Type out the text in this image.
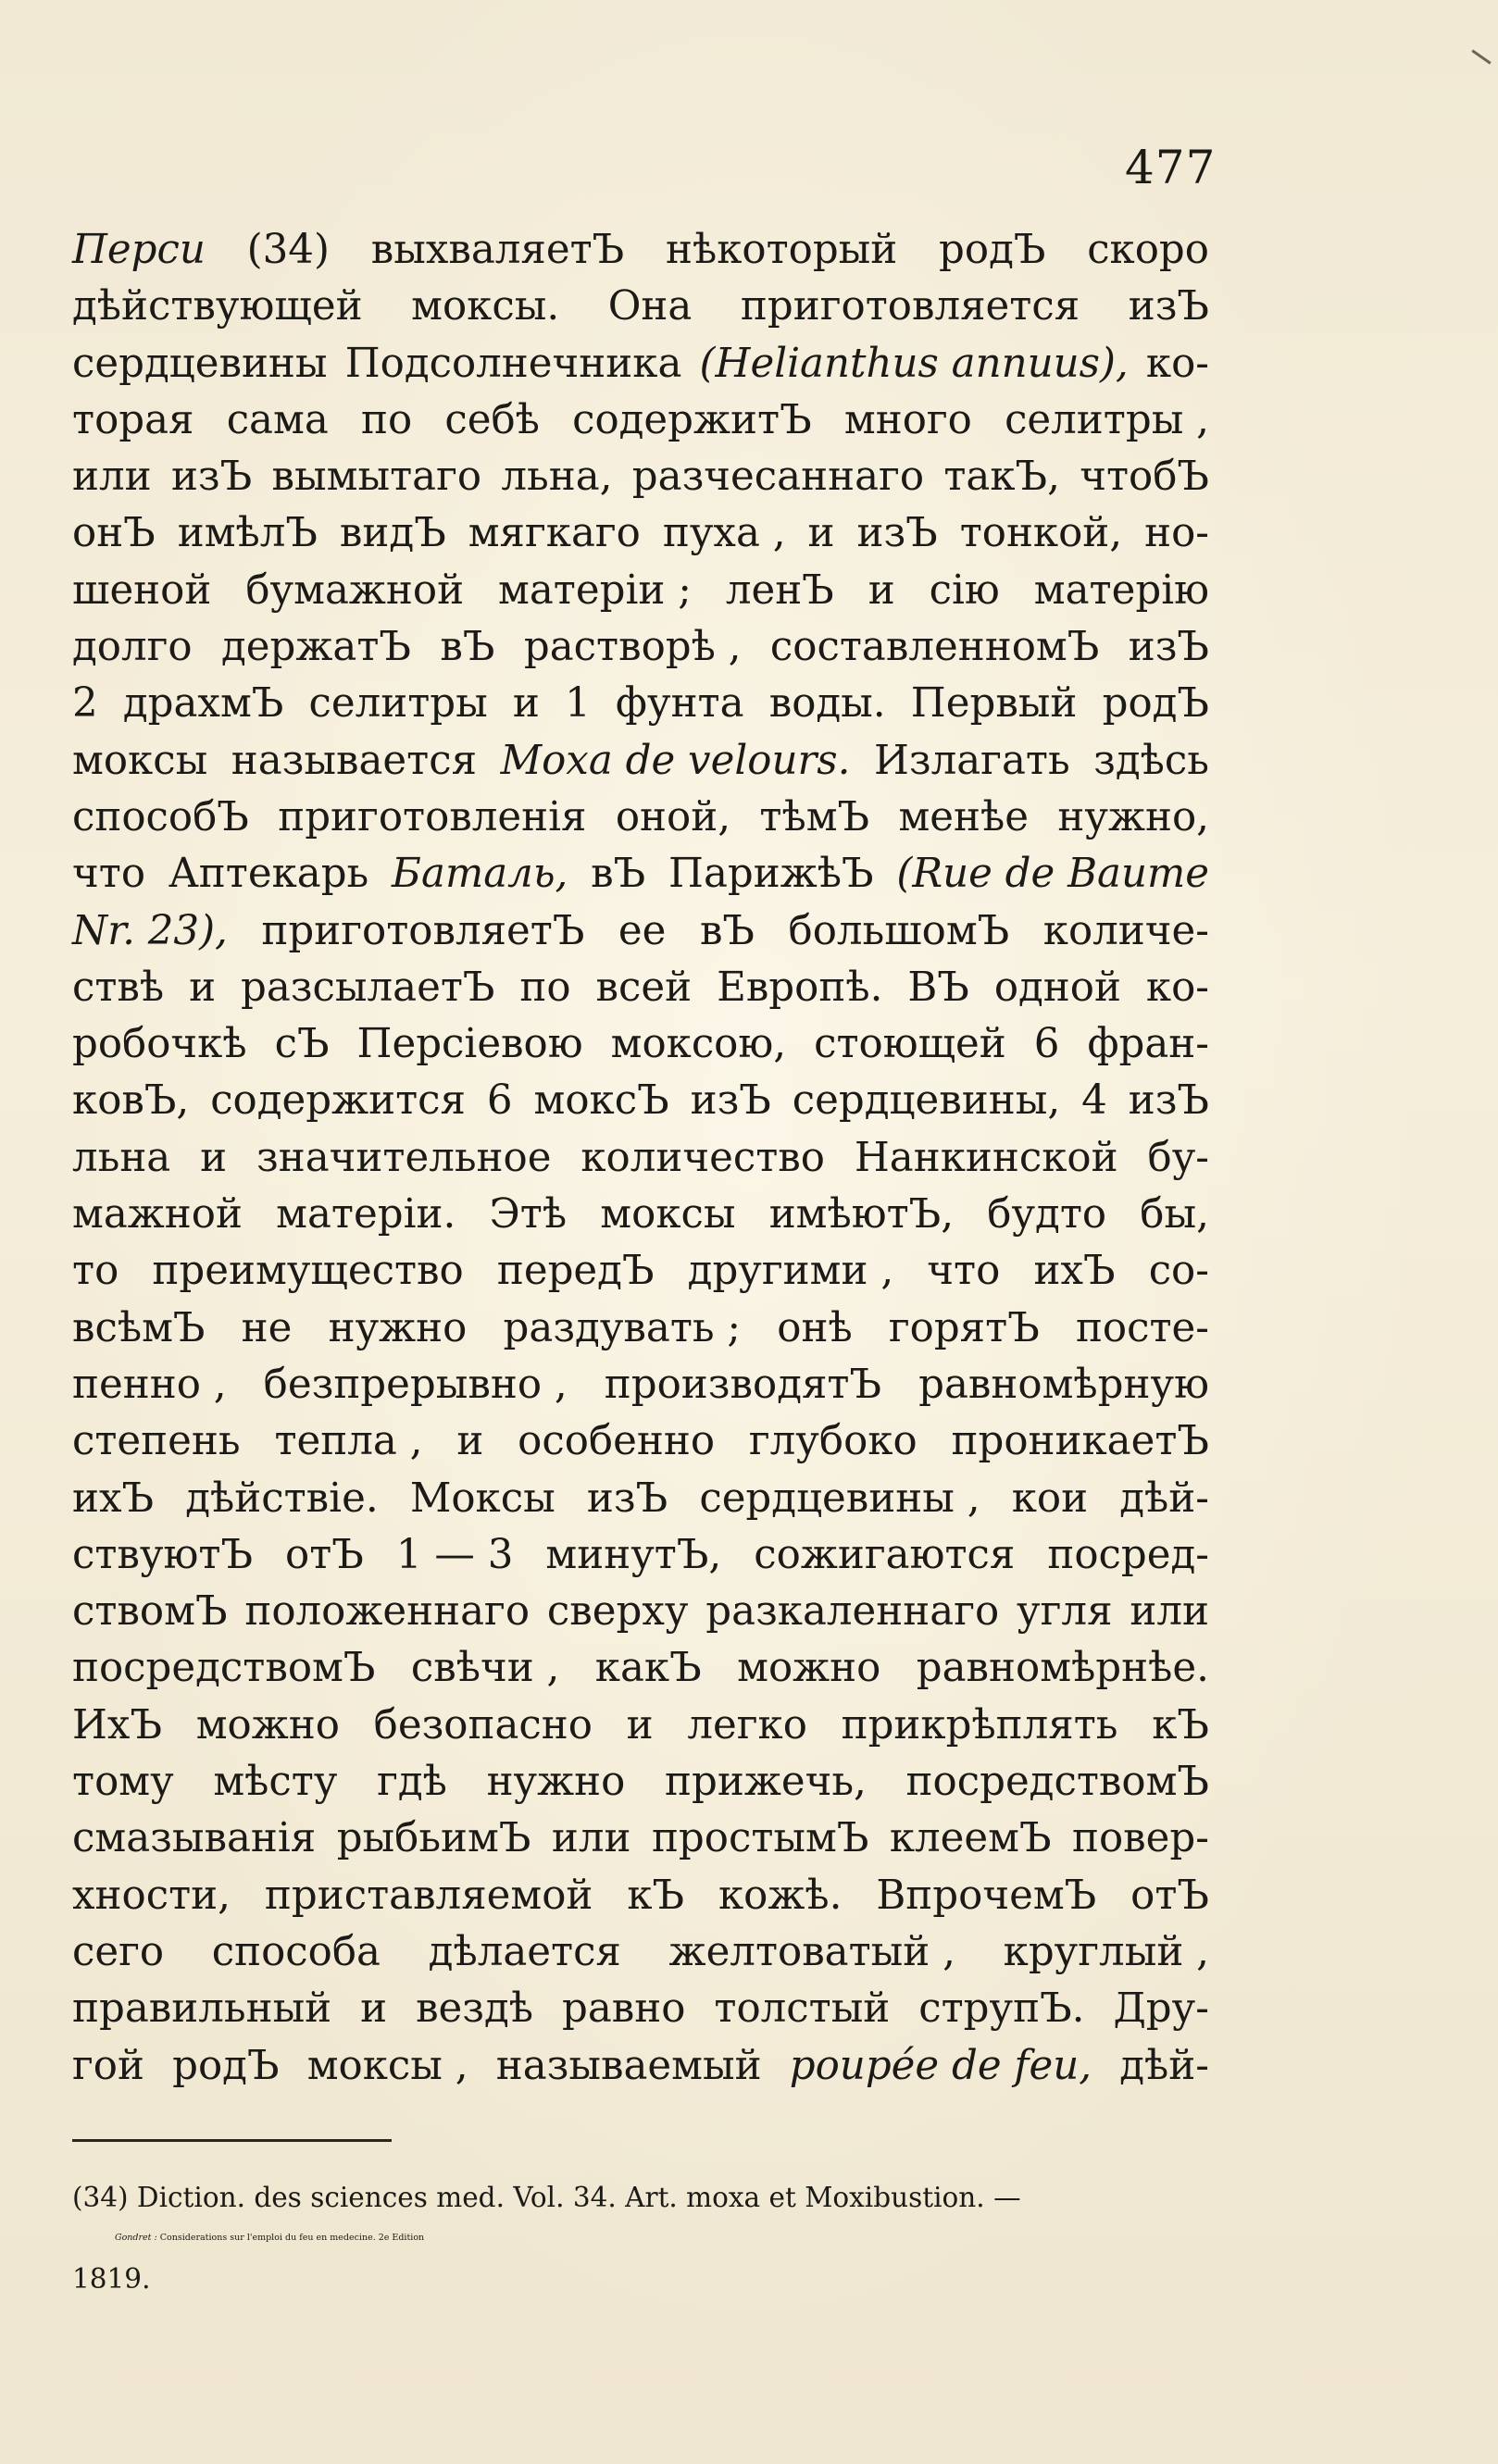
477
Перси (34) выхваляетЪ нѣкоторый родЪ скоро
дѣйствующей моксы. Она приготовляется изЪ
сердцевины Подсолнечника (Helianthus annuus), ко-
торая сама по себѣ содержитЪ много селитры ,
или изЪ вымытаго льна, разчесаннаго такЪ, чтобЪ
онЪ имѣлЪ видЪ мягкаго пуха , и изЪ тонкой, но-
шеной бумажной матеріи ; ленЪ и сію матерію
долго держатЪ вЪ растворѣ , составленномЪ изЪ
2 драхмЪ селитры и 1 фунта воды. Первый родЪ
моксы называется Moxa de velours. Излагать здѣсь
способЪ приготовленія оной, тѣмЪ менѣе нужно,
что Аптекарь Баталь, вЪ ПарижѣЪ (Rue de Baume
Nr. 23), приготовляетЪ ее вЪ большомЪ количе-
ствѣ и разсылаетЪ по всей Европѣ. ВЪ одной ко-
робочкѣ сЪ Персіевою моксою, стоющей 6 фран-
ковЪ, содержится 6 моксЪ изЪ сердцевины, 4 изЪ
льна и значительное количество Нанкинской бу-
мажной матеріи. Этѣ моксы имѣютЪ, будто бы,
то преимущество передЪ другими , что ихЪ со-
всѣмЪ не нужно раздувать ; онѣ горятЪ посте-
пенно , безпрерывно , производятЪ равномѣрную
степень тепла , и особенно глубоко проникаетЪ
ихЪ дѣйствіе. Моксы изЪ сердцевины , кои дѣй-
ствуютЪ отЪ 1 — 3 минутЪ, сожигаются посред-
ствомЪ положеннаго сверху разкаленнаго угля или
посредствомЪ свѣчи , какЪ можно равномѣрнѣе.
ИхЪ можно безопасно и легко прикрѣплять кЪ
тому мѣсту гдѣ нужно прижечь, посредствомЪ
смазыванія рыбьимЪ или простымЪ клеемЪ повер-
хности, приставляемой кЪ кожѣ. ВпрочемЪ отЪ
сего способа дѣлается желтоватый , круглый ,
правильный и вездѣ равно толстый струпЪ. Дру-
гой родЪ моксы , называемый poupée de feu, дѣй-
(34) Diction. des sciences med. Vol. 34. Art. moxa et Moxibustion. —
Gondret : Considerations sur l'emploi du feu en medecine. 2e Edition
1819.
